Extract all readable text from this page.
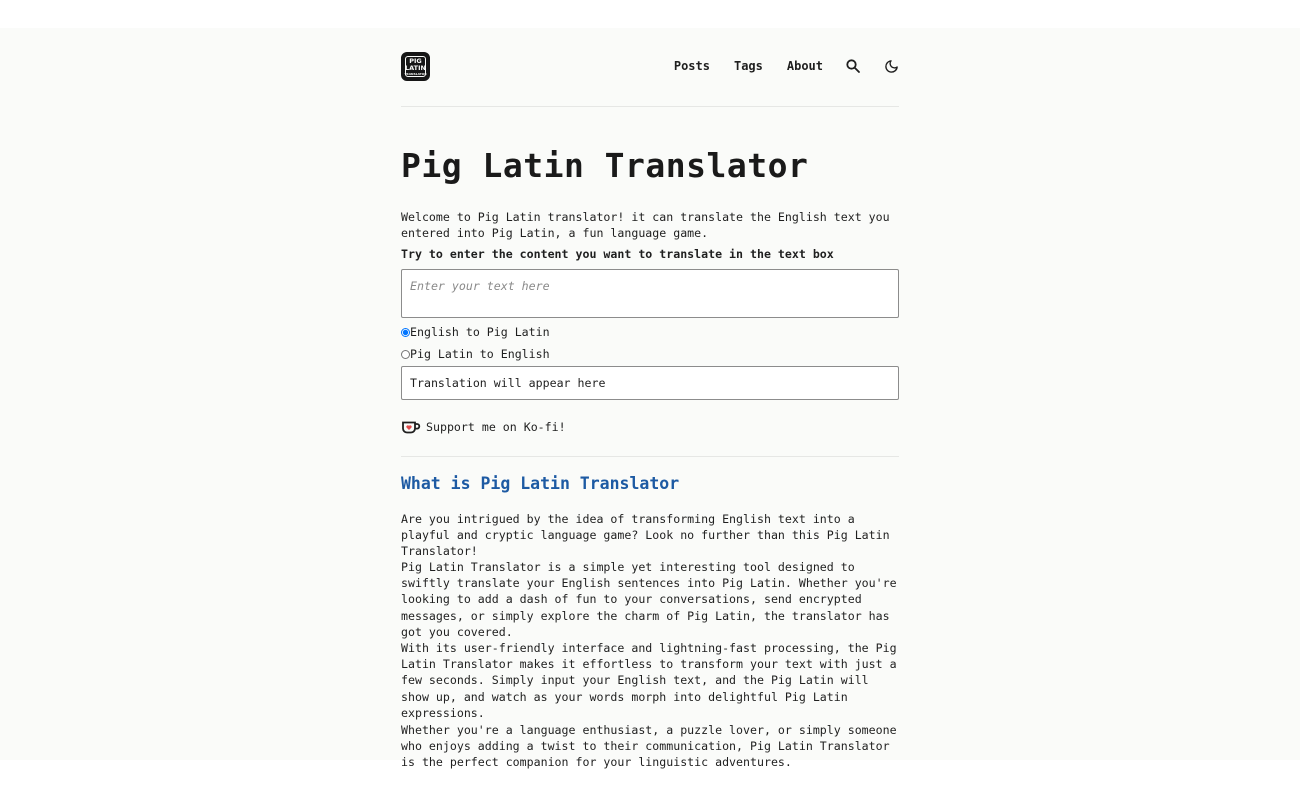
PIG
LATIN
TRANSLATOR
Posts Tags About
Pig Latin Translator

Welcome to Pig Latin translator! it can translate the English text you entered into Pig Latin, a fun language game.

Try to enter the content you want to translate in the text box

Enter your text here
English to Pig Latin
Pig Latin to English
Translation will appear here
Support me on Ko-fi!
What is Pig Latin Translator

Are you intrigued by the idea of transforming English text into a playful and cryptic language game? Look no further than this Pig Latin Translator!

Pig Latin Translator is a simple yet interesting tool designed to swiftly translate your English sentences into Pig Latin. Whether you're looking to add a dash of fun to your conversations, send encrypted messages, or simply explore the charm of Pig Latin, the translator has got you covered.

With its user-friendly interface and lightning-fast processing, the Pig Latin Translator makes it effortless to transform your text with just a few seconds. Simply input your English text, and the Pig Latin will show up, and watch as your words morph into delightful Pig Latin expressions.

Whether you're a language enthusiast, a puzzle lover, or simply someone who enjoys adding a twist to their communication, Pig Latin Translator is the perfect companion for your linguistic adventures.
